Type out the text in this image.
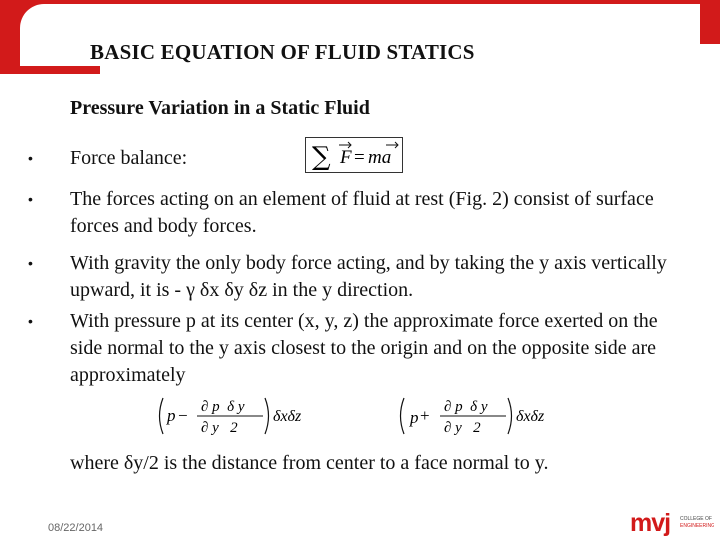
Engineered for Tomorrow
BASIC EQUATION OF FLUID STATICS
Pressure Variation in a Static Fluid
• Force balance:	∑ F = ma
• The forces acting on an element of fluid at rest (Fig. 2) consist of surface forces and body forces.
• With gravity the only body force acting, and by taking the y axis vertically upward, it is - γ δx δy δz in the y direction.
• With pressure p at its center (x, y, z) the approximate force exerted on the side normal to the y axis closest to the origin and on the opposite side are approximately
p − ∂ p  δ y
∂ y   2
δxδz	p + ∂ p  δ y
∂ y   2
δxδz
where δy/2 is the distance from center to a face normal to y.
08/22/2014	mvj COLLEGE OF
ENGINEERING
